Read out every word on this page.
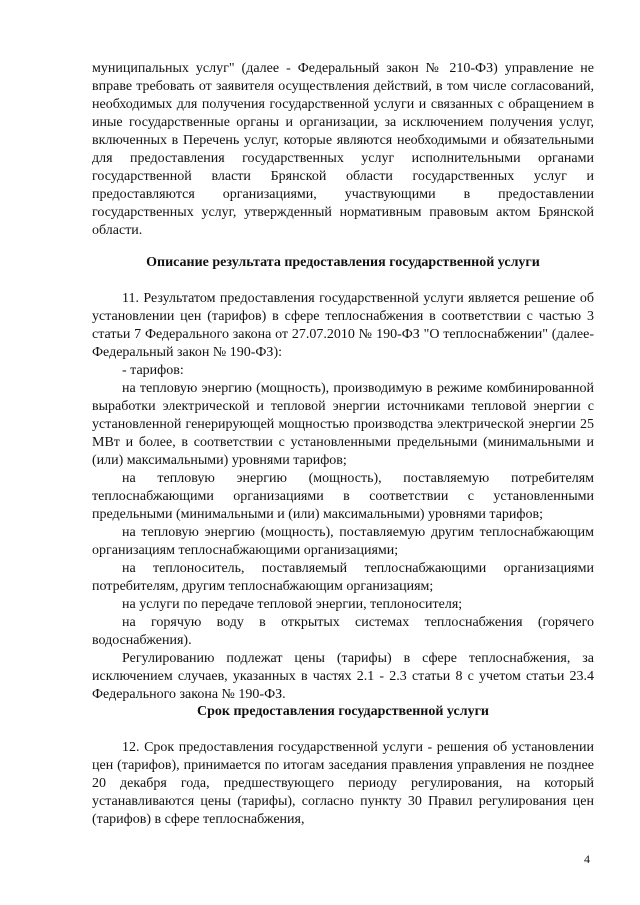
муниципальных услуг" (далее - Федеральный закон № 210-ФЗ) управление не вправе требовать от заявителя осуществления действий, в том числе согласований, необходимых для получения государственной услуги и связанных с обращением в иные государственные органы и организации, за исключением получения услуг, включенных в Перечень услуг, которые являются необходимыми и обязательными для предоставления государственных услуг исполнительными органами государственной власти Брянской области государственных услуг и предоставляются организациями, участвующими в предоставлении государственных услуг, утвержденный нормативным правовым актом Брянской области.

Описание результата предоставления государственной услуги

11. Результатом предоставления государственной услуги является решение об установлении цен (тарифов) в сфере теплоснабжения в соответствии с частью 3 статьи 7 Федерального закона от 27.07.2010 № 190-ФЗ "О теплоснабжении" (далее-Федеральный закон № 190-ФЗ):

- тарифов:

на тепловую энергию (мощность), производимую в режиме комбинированной выработки электрической и тепловой энергии источниками тепловой энергии с установленной генерирующей мощностью производства электрической энергии 25 МВт и более, в соответствии с установленными предельными (минимальными и (или) максимальными) уровнями тарифов;

на тепловую энергию (мощность), поставляемую потребителям теплоснабжающими организациями в соответствии с установленными предельными (минимальными и (или) максимальными) уровнями тарифов;

на тепловую энергию (мощность), поставляемую другим теплоснабжающим организациям теплоснабжающими организациями;

на теплоноситель, поставляемый теплоснабжающими организациями потребителям, другим теплоснабжающим организациям;

на услуги по передаче тепловой энергии, теплоносителя;

на горячую воду в открытых системах теплоснабжения (горячего водоснабжения).

Регулированию подлежат цены (тарифы) в сфере теплоснабжения, за исключением случаев, указанных в частях 2.1 - 2.3 статьи 8 с учетом статьи 23.4 Федерального закона № 190-ФЗ.

Срок предоставления государственной услуги

12. Срок предоставления государственной услуги - решения об установлении цен (тарифов), принимается по итогам заседания правления управления не позднее 20 декабря года, предшествующего периоду регулирования, на который устанавливаются цены (тарифы), согласно пункту 30 Правил регулирования цен (тарифов) в сфере теплоснабжения,

4
